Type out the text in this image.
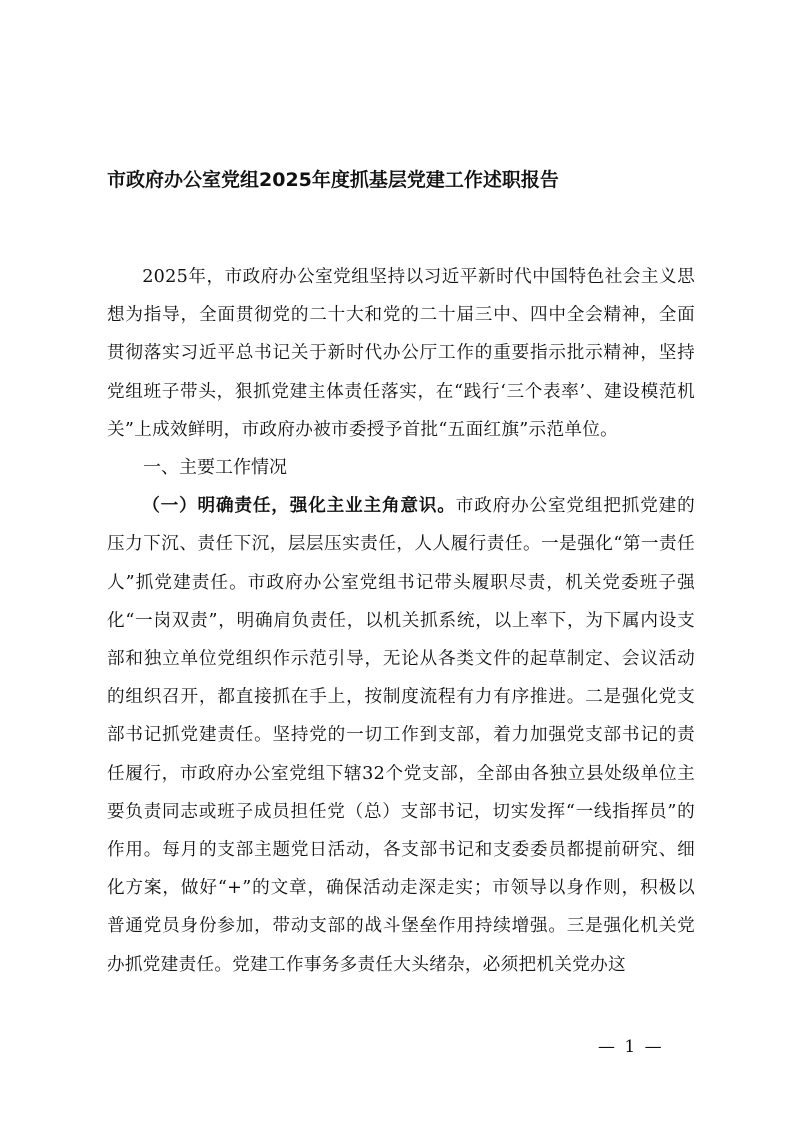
市政府办公室党组2025年度抓基层党建工作述职报告

2025年，市政府办公室党组坚持以习近平新时代中国特色社会主义思想为指导，全面贯彻党的二十大和党的二十届三中、四中全会精神，全面贯彻落实习近平总书记关于新时代办公厅工作的重要指示批示精神，坚持党组班子带头，狠抓党建主体责任落实，在“践行‘三个表率’、建设模范机关”上成效鲜明，市政府办被市委授予首批“五面红旗”示范单位。

一、主要工作情况

（一）明确责任，强化主业主角意识。市政府办公室党组把抓党建的压力下沉、责任下沉，层层压实责任，人人履行责任。一是强化“第一责任人”抓党建责任。市政府办公室党组书记带头履职尽责，机关党委班子强化“一岗双责”，明确肩负责任，以机关抓系统，以上率下，为下属内设支部和独立单位党组织作示范引导，无论从各类文件的起草制定、会议活动的组织召开，都直接抓在手上，按制度流程有力有序推进。二是强化党支部书记抓党建责任。坚持党的一切工作到支部，着力加强党支部书记的责任履行，市政府办公室党组下辖32个党支部，全部由各独立县处级单位主要负责同志或班子成员担任党（总）支部书记，切实发挥“一线指挥员”的作用。每月的支部主题党日活动，各支部书记和支委委员都提前研究、细化方案，做好“+”的文章，确保活动走深走实；市领导以身作则，积极以普通党员身份参加，带动支部的战斗堡垒作用持续增强。三是强化机关党办抓党建责任。党建工作事务多责任大头绪杂，必须把机关党办这

— 1 —
